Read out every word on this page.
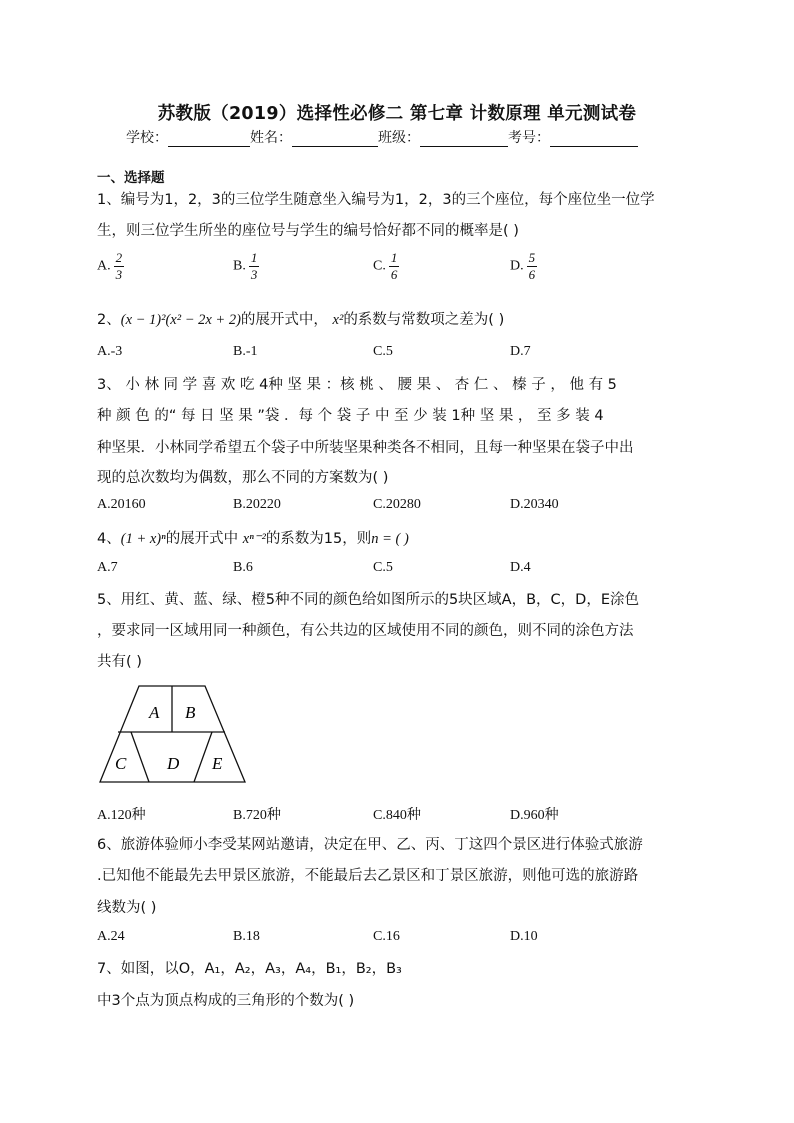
苏教版（2019）选择性必修二 第七章 计数原理 单元测试卷
学校：	姓名：	班级：	考号：
一、选择题
1、编号为1，2，3的三位学生随意坐入编号为1，2，3的三个座位，每个座位坐一位学
生，则三位学生所坐的座位号与学生的编号恰好都不同的概率是( )
A. $\frac{2}{3}$	B. $\frac{1}{3}$	C. $\frac{1}{6}$	D. $\frac{5}{6}$
2、(x − 1)²(x² − 2x + 2)的展开式中， x²的系数与常数项之差为( )
A.-3	B.-1	C.5	D.7
3、 小 林 同 学 喜 欢 吃 4种 坚 果 ：核 桃 、 腰 果 、 杏 仁 、 榛 子 ， 他 有 5
种 颜 色 的“ 每 日 坚 果 ”袋 ．每 个 袋 子 中 至 少 装 1种 坚 果 ， 至 多 装 4
种坚果．小林同学希望五个袋子中所装坚果种类各不相同，且每一种坚果在袋子中出
现的总次数均为偶数，那么不同的方案数为( )
A.20160	B.20220	C.20280	D.20340
4、(1 + x)ⁿ的展开式中 xⁿ⁻²的系数为15，则n = ( )
A.7	B.6	C.5	D.4
5、用红、黄、蓝、绿、橙5种不同的颜色给如图所示的5块区域A，B，C，D，E涂色
，要求同一区域用同一种颜色，有公共边的区域使用不同的颜色，则不同的涂色方法
共有( )
A B
C D E
A.120种	B.720种	C.840种	D.960种
6、旅游体验师小李受某网站邀请，决定在甲、乙、丙、丁这四个景区进行体验式旅游
.已知他不能最先去甲景区旅游，不能最后去乙景区和丁景区旅游，则他可选的旅游路
线数为( )
A.24	B.18	C.16	D.10
7、如图，以O，A₁，A₂，A₃，A₄，B₁，B₂，B₃
中3个点为顶点构成的三角形的个数为( )
